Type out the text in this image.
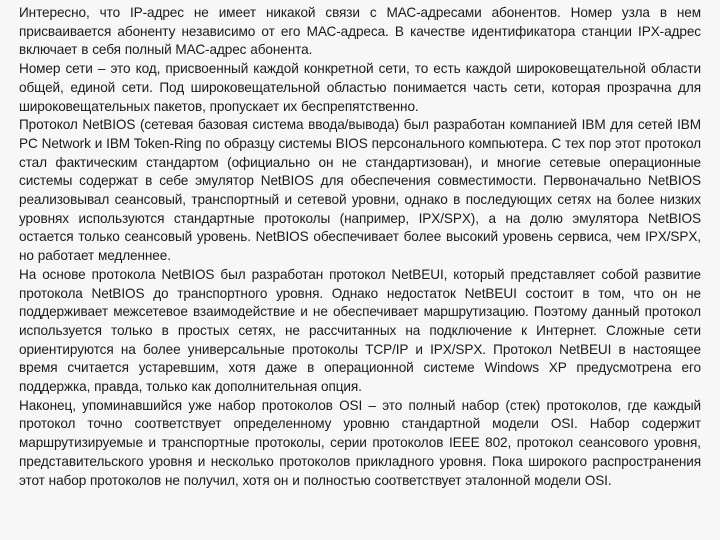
Интересно, что IP-адрес не имеет никакой связи с МАС-адресами абонентов. Номер узла в нем присваивается абоненту независимо от его МАС-адреса. В качестве идентификатора станции IPX-адрес включает в себя полный МАС-адрес абонента.

Номер сети – это код, присвоенный каждой конкретной сети, то есть каждой широковещательной области общей, единой сети. Под широковещательной областью понимается часть сети, которая прозрачна для широковещательных пакетов, пропускает их беспрепятственно.

Протокол NetBIOS (сетевая базовая система ввода/вывода) был разработан компанией IBM для сетей IBM PC Network и IBM Token-Ring по образцу системы BIOS персонального компьютера. С тех пор этот протокол стал фактическим стандартом (официально он не стандартизован), и многие сетевые операционные системы содержат в себе эмулятор NetBIOS для обеспечения совместимости. Первоначально NetBIOS реализовывал сеансовый, транспортный и сетевой уровни, однако в последующих сетях на более низких уровнях используются стандартные протоколы (например, IPX/SPX), а на долю эмулятора NetBIOS остается только сеансовый уровень. NetBIOS обеспечивает более высокий уровень сервиса, чем IPX/SPX, но работает медленнее.

На основе протокола NetBIOS был разработан протокол NetBEUI, который представляет собой развитие протокола NetBIOS до транспортного уровня. Однако недостаток NetBEUI состоит в том, что он не поддерживает межсетевое взаимодействие и не обеспечивает маршрутизацию. Поэтому данный протокол используется только в простых сетях, не рассчитанных на подключение к Интернет. Сложные сети ориентируются на более универсальные протоколы TCP/IP и IPX/SPX. Протокол NetBEUI в настоящее время считается устаревшим, хотя даже в операционной системе Windows XP предусмотрена его поддержка, правда, только как дополнительная опция.

Наконец, упоминавшийся уже набор протоколов OSI – это полный набор (стек) протоколов, где каждый протокол точно соответствует определенному уровню стандартной модели OSI. Набор содержит маршрутизируемые и транспортные протоколы, серии протоколов IEEE 802, протокол сеансового уровня, представительского уровня и несколько протоколов прикладного уровня. Пока широкого распространения этот набор протоколов не получил, хотя он и полностью соответствует эталонной модели OSI.
